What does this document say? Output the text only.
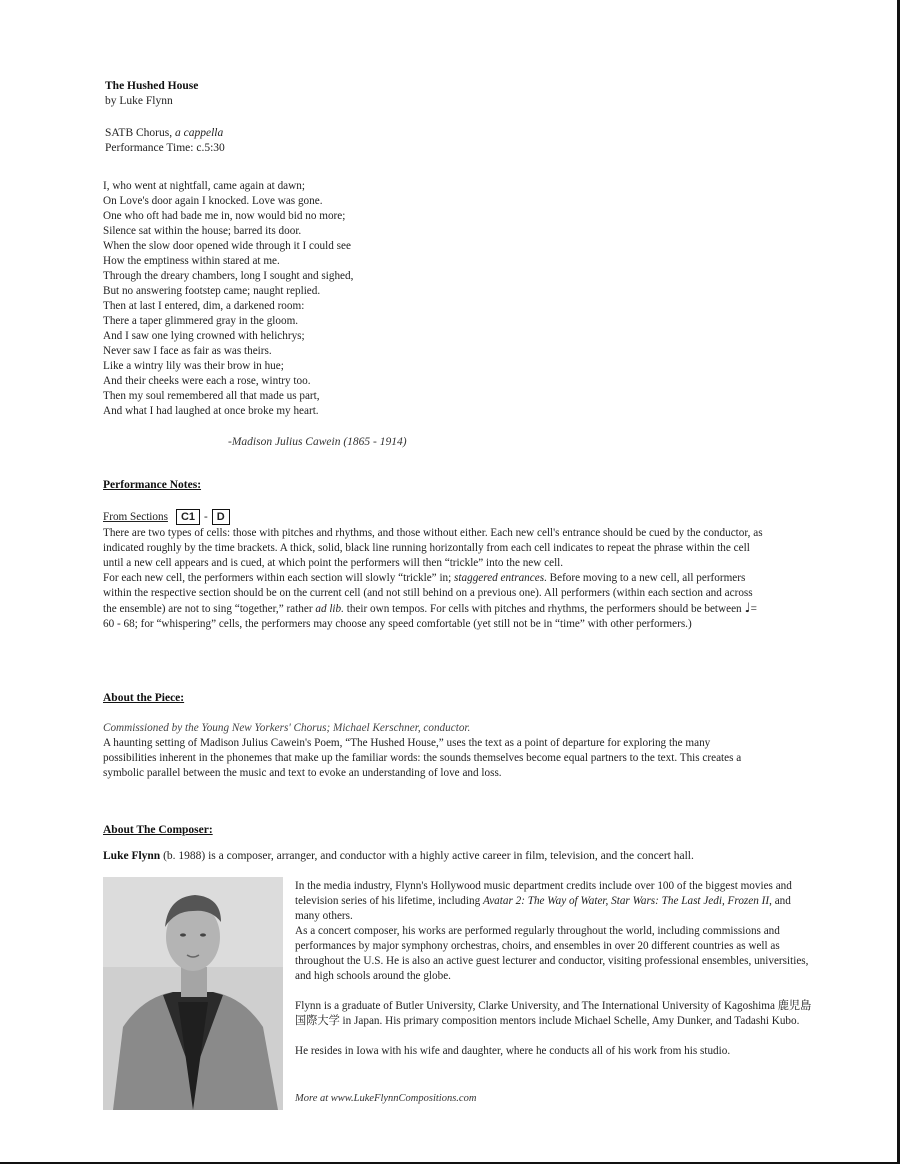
The Hushed House
by Luke Flynn
SATB Chorus, a cappella
Performance Time: c.5:30
I, who went at nightfall, came again at dawn;
On Love's door again I knocked. Love was gone.
One who oft had bade me in, now would bid no more;
Silence sat within the house; barred its door.
When the slow door opened wide through it I could see
How the emptiness within stared at me.
Through the dreary chambers, long I sought and sighed,
But no answering footstep came; naught replied.
Then at last I entered, dim, a darkened room:
There a taper glimmered gray in the gloom.
And I saw one lying crowned with helichrys;
Never saw I face as fair as was theirs.
Like a wintry lily was their brow in hue;
And their cheeks were each a rose, wintry too.
Then my soul remembered all that made us part,
And what I had laughed at once broke my heart.
-Madison Julius Cawein (1865 - 1914)
Performance Notes:
From Sections	C1 - D

There are two types of cells: those with pitches and rhythms, and those without either. Each new cell's entrance should be cued by the conductor, as indicated roughly by the time brackets. A thick, solid, black line running horizontally from each cell indicates to repeat the phrase within the cell until a new cell appears and is cued, at which point the performers will then “trickle” into the new cell.

For each new cell, the performers within each section will slowly “trickle” in; staggered entrances. Before moving to a new cell, all performers within the respective section should be on the current cell (and not still behind on a previous one). All performers (within each section and across the ensemble) are not to sing “together,” rather ad lib. their own tempos. For cells with pitches and rhythms, the performers should be between ♩= 60 - 68; for “whispering” cells, the performers may choose any speed comfortable (yet still not be in “time” with other performers.)

About the Piece:

Commissioned by the Young New Yorkers' Chorus; Michael Kerschner, conductor.

A haunting setting of Madison Julius Cawein's Poem, “The Hushed House,” uses the text as a point of departure for exploring the many possibilities inherent in the phonemes that make up the familiar words: the sounds themselves become equal partners to the text. This creates a symbolic parallel between the music and text to evoke an understanding of love and loss.

About The Composer:
Luke Flynn (b. 1988) is a composer, arranger, and conductor with a highly active career in film, television, and the concert hall.

In the media industry, Flynn's Hollywood music department credits include over 100 of the biggest movies and television series of his lifetime, including Avatar 2: The Way of Water, Star Wars: The Last Jedi, Frozen II, and many others.

As a concert composer, his works are performed regularly throughout the world, including commissions and performances by major symphony orchestras, choirs, and ensembles in over 20 different countries as well as throughout the U.S. He is also an active guest lecturer and conductor, visiting professional ensembles, universities, and high schools around the globe.

Flynn is a graduate of Butler University, Clarke University, and The International University of Kagoshima 鹿児島国際大学 in Japan. His primary composition mentors include Michael Schelle, Amy Dunker, and Tadashi Kubo.

He resides in Iowa with his wife and daughter, where he conducts all of his work from his studio.

More at www.LukeFlynnCompositions.com
